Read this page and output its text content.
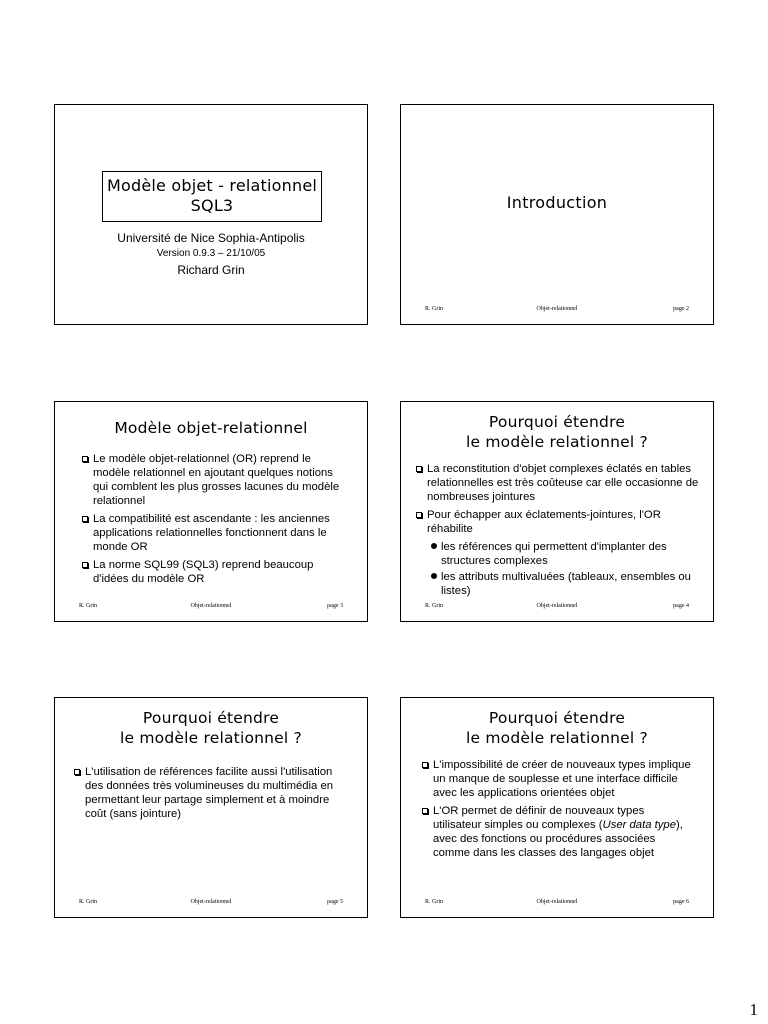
Modèle objet - relationnel
SQL3
Université de Nice Sophia-Antipolis
Version 0.9.3 – 21/10/05
Richard Grin
Introduction
R. Grin	Objet-relationnel	page 2
Modèle objet-relationnel
Le modèle objet-relationnel (OR) reprend le modèle relationnel en ajoutant quelques notions qui comblent les plus grosses lacunes du modèle relationnel
La compatibilité est ascendante : les anciennes applications relationnelles fonctionnent dans le monde OR
La norme SQL99 (SQL3) reprend beaucoup d'idées du modèle OR
R. Grin	Objet-relationnel	page 3
Pourquoi étendre
le modèle relationnel ?
La reconstitution d'objet complexes éclatés en tables relationnelles est très coûteuse car elle occasionne de nombreuses jointures
Pour échapper aux éclatements-jointures, l'OR réhabilite
les références qui permettent d'implanter des structures complexes
les attributs multivaluées (tableaux, ensembles ou listes)
R. Grin	Objet-relationnel	page 4
Pourquoi étendre
le modèle relationnel ?
L'utilisation de références facilite aussi l'utilisation des données très volumineuses du multimédia en permettant leur partage simplement et à moindre coût (sans jointure)
R. Grin	Objet-relationnel	page 5
Pourquoi étendre
le modèle relationnel ?
L'impossibilité de créer de nouveaux types implique un manque de souplesse et une interface difficile avec les applications orientées objet
L'OR permet de définir de nouveaux types utilisateur simples ou complexes (User data type), avec des fonctions ou procédures associées comme dans les classes des langages objet
R. Grin	Objet-relationnel	page 6
1
